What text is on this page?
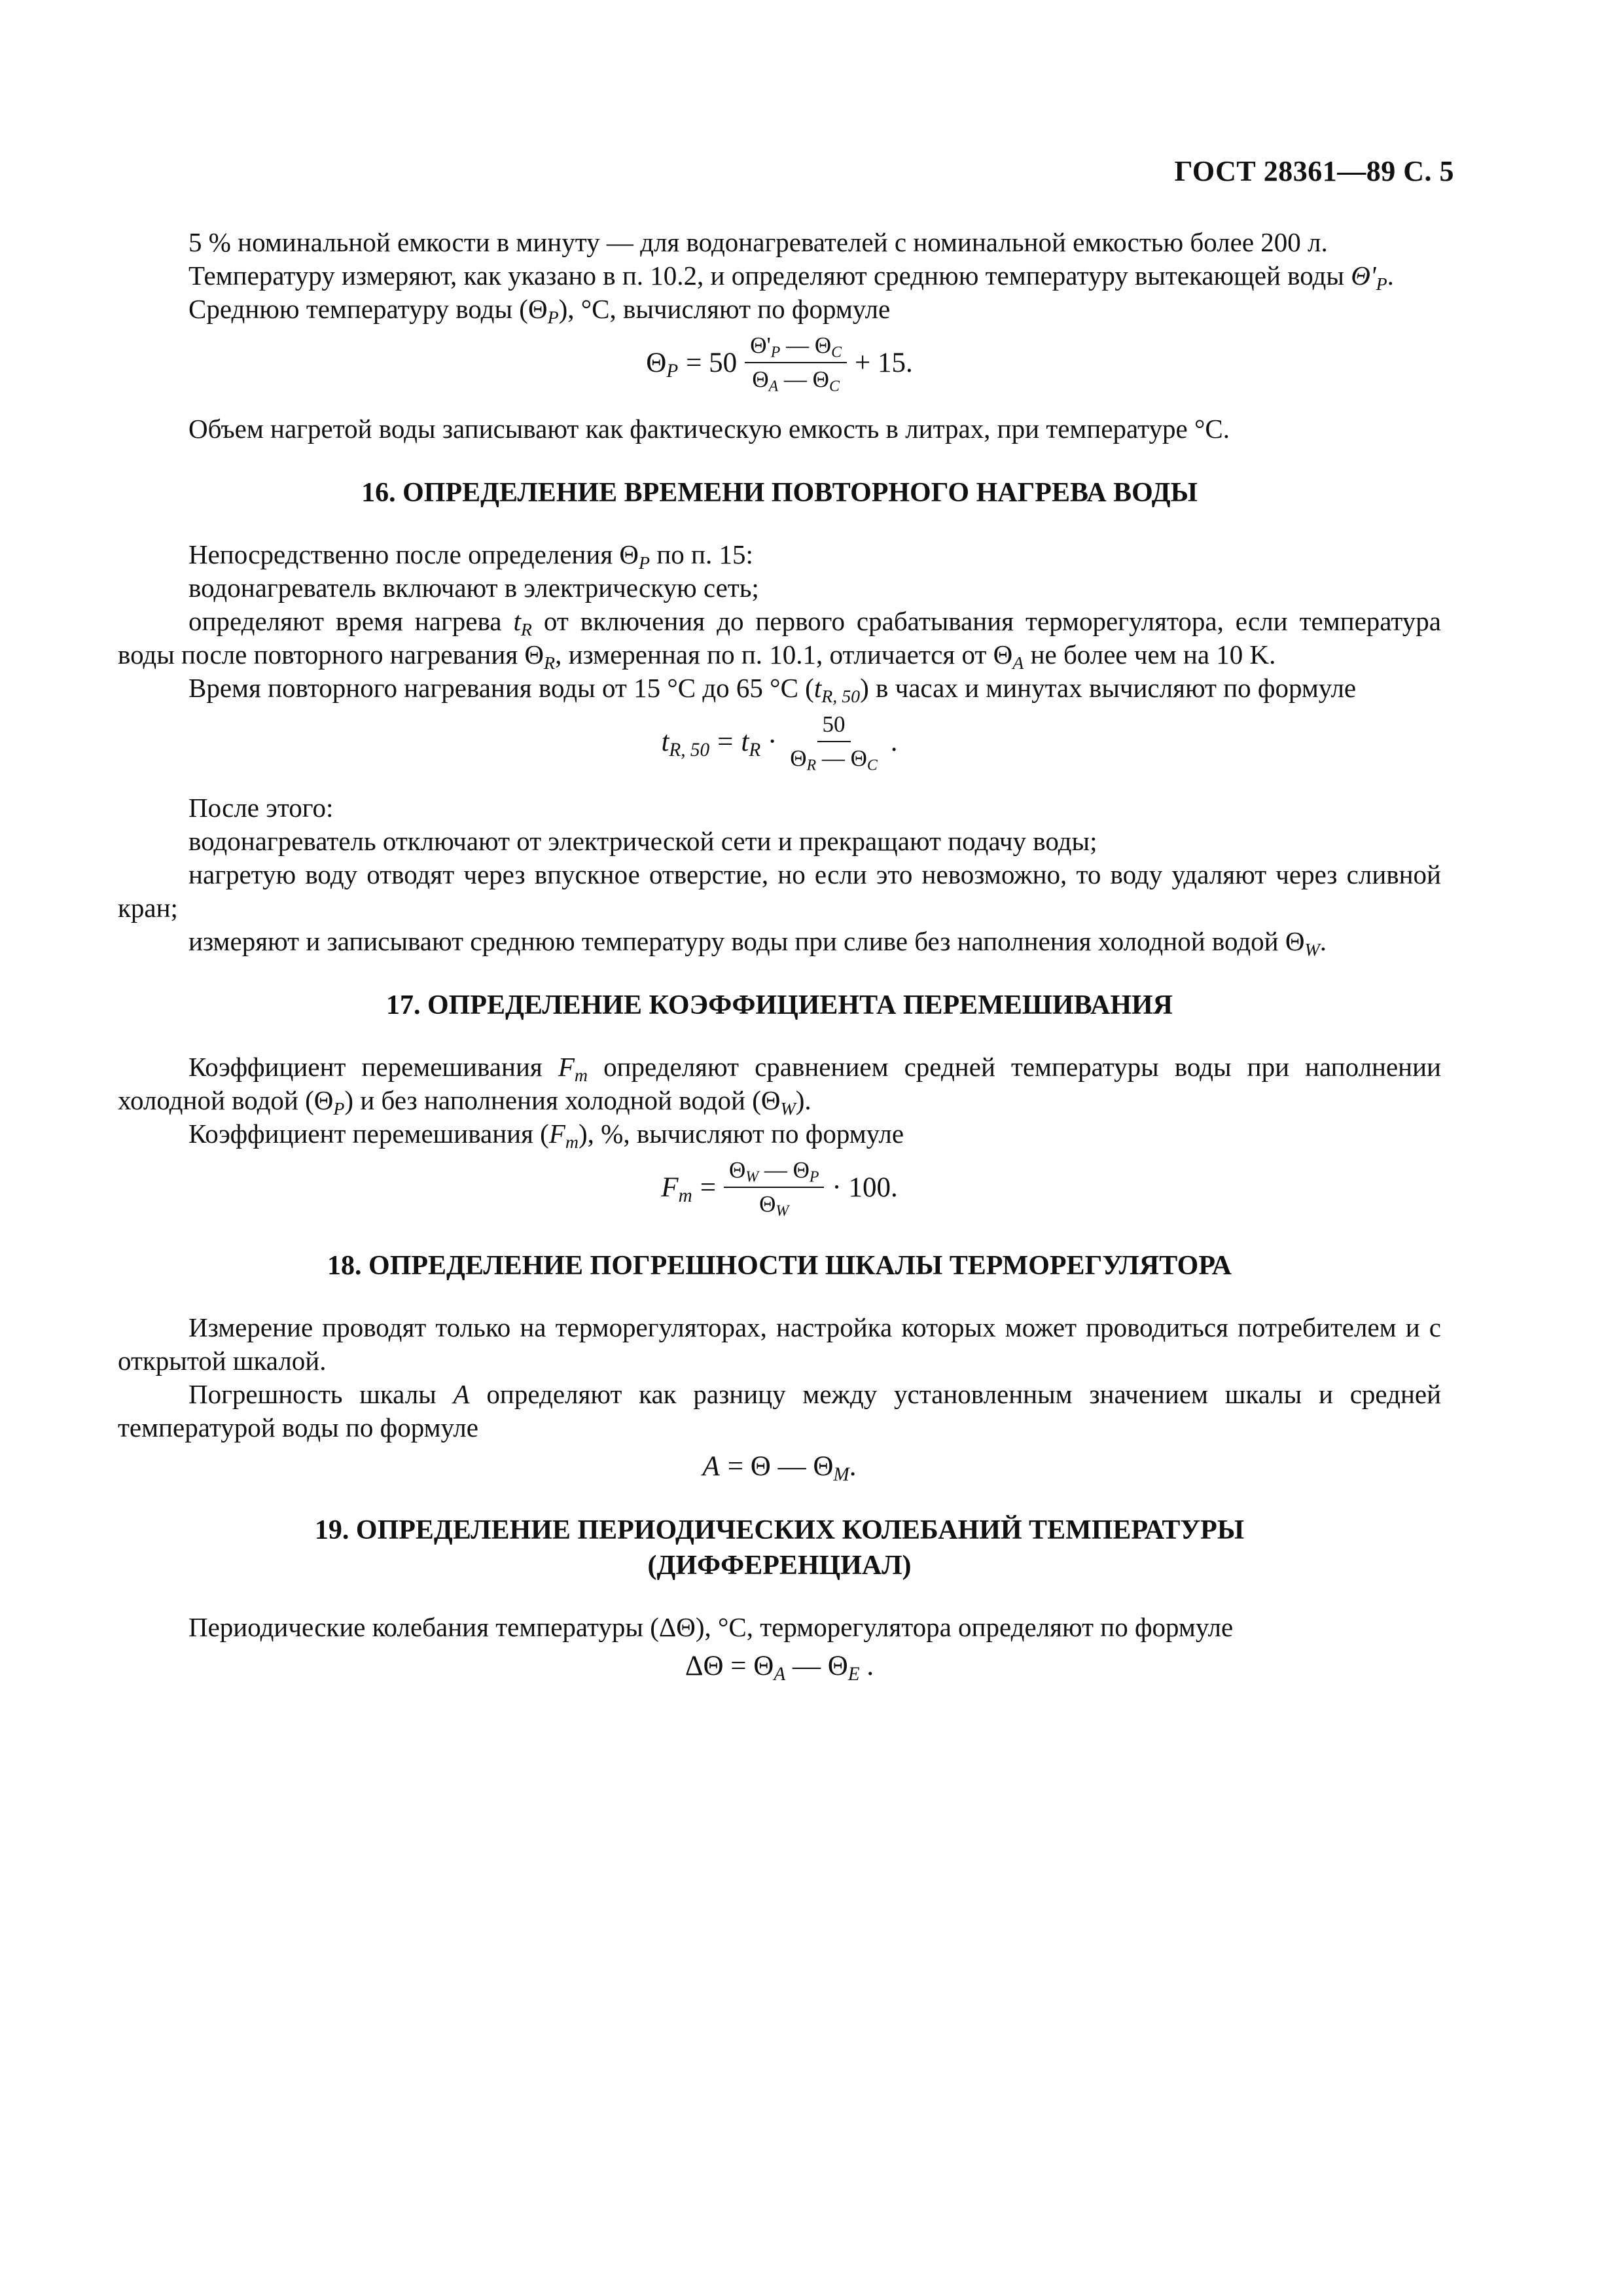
ГОСТ 28361—89 С. 5

5 % номинальной емкости в минуту — для водонагревателей с номинальной емкостью более 200 л.

Температуру измеряют, как указано в п. 10.2, и определяют среднюю температуру вытекающей воды $\Theta'_P$.

Среднюю температуру воды $(\Theta_P)$, °C, вычисляют по формуле

$\Theta_P = 50 \frac{\Theta'_P — \Theta_C}{\Theta_A — \Theta_C} + 15$.

Объем нагретой воды записывают как фактическую емкость в литрах, при температуре °C.

16. ОПРЕДЕЛЕНИЕ ВРЕМЕНИ ПОВТОРНОГО НАГРЕВА ВОДЫ

Непосредственно после определения $\Theta_P$ по п. 15:

водонагреватель включают в электрическую сеть;

определяют время нагрева $t_R$ от включения до первого срабатывания терморегулятора, если температура воды после повторного нагревания $\Theta_R$, измеренная по п. 10.1, отличается от $\Theta_A$ не более чем на 10 K.

Время повторного нагревания воды от 15 °C до 65 °C $(t_{R, 50})$ в часах и минутах вычисляют по формуле

$t_{R, 50} = t_R \cdot \frac{50}{\Theta_R — \Theta_C}$ .

После этого:

водонагреватель отключают от электрической сети и прекращают подачу воды;

нагретую воду отводят через впускное отверстие, но если это невозможно, то воду удаляют через сливной кран;

измеряют и записывают среднюю температуру воды при сливе без наполнения холодной водой $\Theta_W$.

17. ОПРЕДЕЛЕНИЕ КОЭФФИЦИЕНТА ПЕРЕМЕШИВАНИЯ

Коэффициент перемешивания $F_m$ определяют сравнением средней температуры воды при наполнении холодной водой $(\Theta_P)$ и без наполнения холодной водой $(\Theta_W)$.

Коэффициент перемешивания $(F_m)$, %, вычисляют по формуле

$F_m = \frac{\Theta_W — \Theta_P}{\Theta_W} \cdot 100$.
18. ОПРЕДЕЛЕНИЕ ПОГРЕШНОСТИ ШКАЛЫ ТЕРМОРЕГУЛЯТОРА

Измерение проводят только на терморегуляторах, настройка которых может проводиться потребителем и с открытой шкалой.

Погрешность шкалы A определяют как разницу между установленным значением шкалы и средней температурой воды по формуле

A = Θ — $\Theta_M$.
19. ОПРЕДЕЛЕНИЕ ПЕРИОДИЧЕСКИХ КОЛЕБАНИЙ ТЕМПЕРАТУРЫ
(ДИФФЕРЕНЦИАЛ)

Периодические колебания температуры (ΔΘ), °C, терморегулятора определяют по формуле

$\Delta\Theta = \Theta_A$ — $\Theta_E$ .
